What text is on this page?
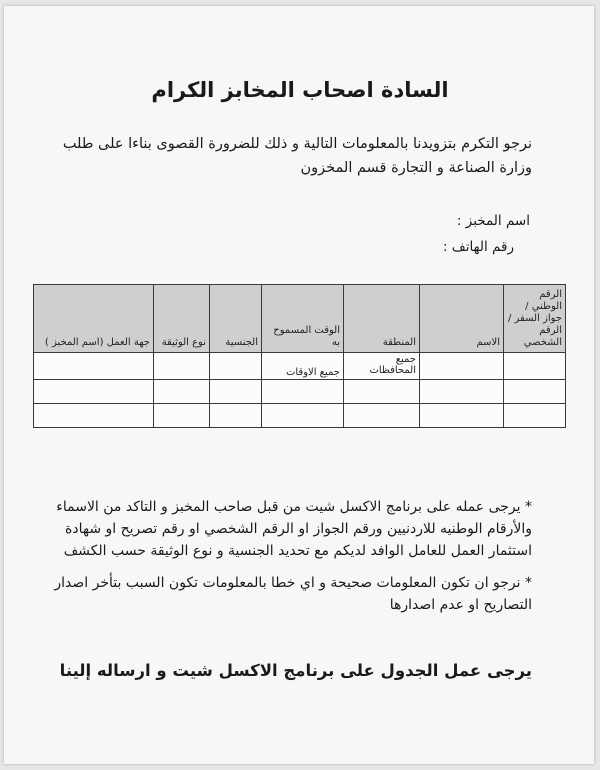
السادة اصحاب المخابز الكرام
نرجو التكرم بتزويدنا بالمعلومات التالية و ذلك للضرورة القصوى بناءا على طلب وزارة الصناعة و التجارة قسم المخزون
اسم المخبز :
رقم الهاتف :
الرقم الوطني / جواز السفر / الرقم الشخصي	الاسم	المنطقة	الوقت المسموح به	الجنسية	نوع الوثيقة	جهة العمل (اسم المخبز )
		جميع المحافظات	جميع الاوقات			

* يرجى عمله على برنامج الاكسل شيت من قبل صاحب المخبز و التاكد من الاسماء والأرقام الوطنيه للاردنيين ورقم الجواز او الرقم الشخصي او رقم تصريح او شهادة استثمار العمل للعامل الوافد لديكم مع تحديد الجنسية و نوع الوثيقة حسب الكشف

* نرجو ان تكون المعلومات صحيحة و اي خطا بالمعلومات تكون السبب بتأخر اصدار التصاريح او عدم اصدارها

يرجى عمل الجدول على برنامج الاكسل شيت و ارساله إلينا
